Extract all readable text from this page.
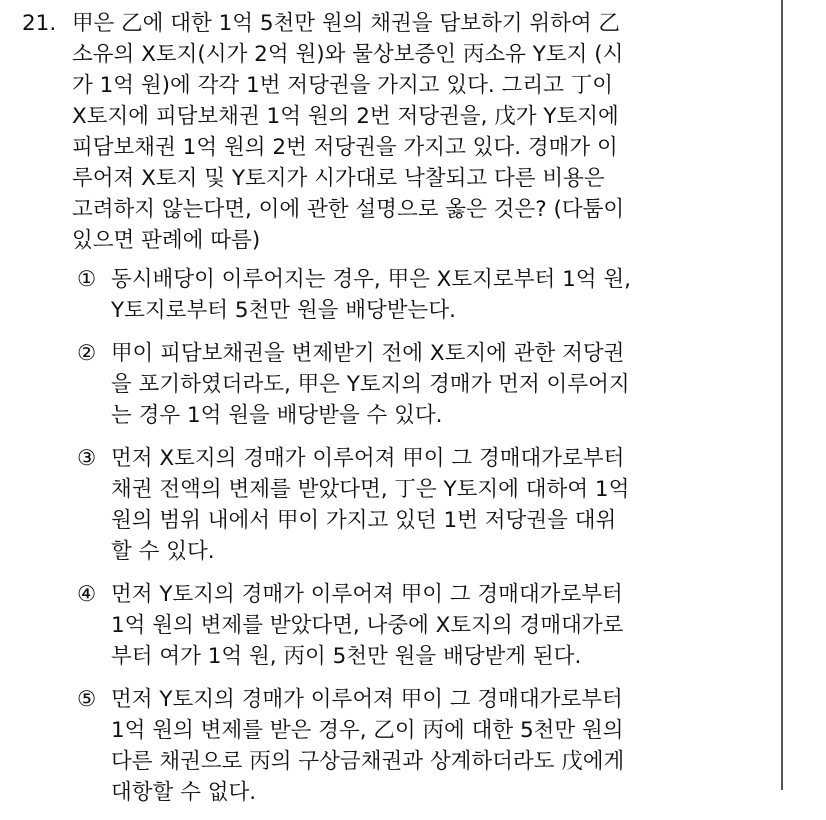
21. 甲은 乙에 대한 1억 5천만 원의 채권을 담보하기 위하여 乙
소유의 X토지(시가 2억 원)와 물상보증인 丙소유 Y토지 (시
가 1억 원)에 각각 1번 저당권을 가지고 있다. 그리고 丁이
X토지에 피담보채권 1억 원의 2번 저당권을, 戊가 Y토지에
피담보채권 1억 원의 2번 저당권을 가지고 있다. 경매가 이
루어져 X토지 및 Y토지가 시가대로 낙찰되고 다른 비용은
고려하지 않는다면, 이에 관한 설명으로 옳은 것은? (다툼이
있으면 판례에 따름)
① 동시배당이 이루어지는 경우, 甲은 X토지로부터 1억 원,
Y토지로부터 5천만 원을 배당받는다.
② 甲이 피담보채권을 변제받기 전에 X토지에 관한 저당권
을 포기하였더라도, 甲은 Y토지의 경매가 먼저 이루어지
는 경우 1억 원을 배당받을 수 있다.
③ 먼저 X토지의 경매가 이루어져 甲이 그 경매대가로부터
채권 전액의 변제를 받았다면, 丁은 Y토지에 대하여 1억
원의 범위 내에서 甲이 가지고 있던 1번 저당권을 대위
할 수 있다.
④ 먼저 Y토지의 경매가 이루어져 甲이 그 경매대가로부터
1억 원의 변제를 받았다면, 나중에 X토지의 경매대가로
부터 여가 1억 원, 丙이 5천만 원을 배당받게 된다.
⑤ 먼저 Y토지의 경매가 이루어져 甲이 그 경매대가로부터
1억 원의 변제를 받은 경우, 乙이 丙에 대한 5천만 원의
다른 채권으로 丙의 구상금채권과 상계하더라도 戊에게
대항할 수 없다.
